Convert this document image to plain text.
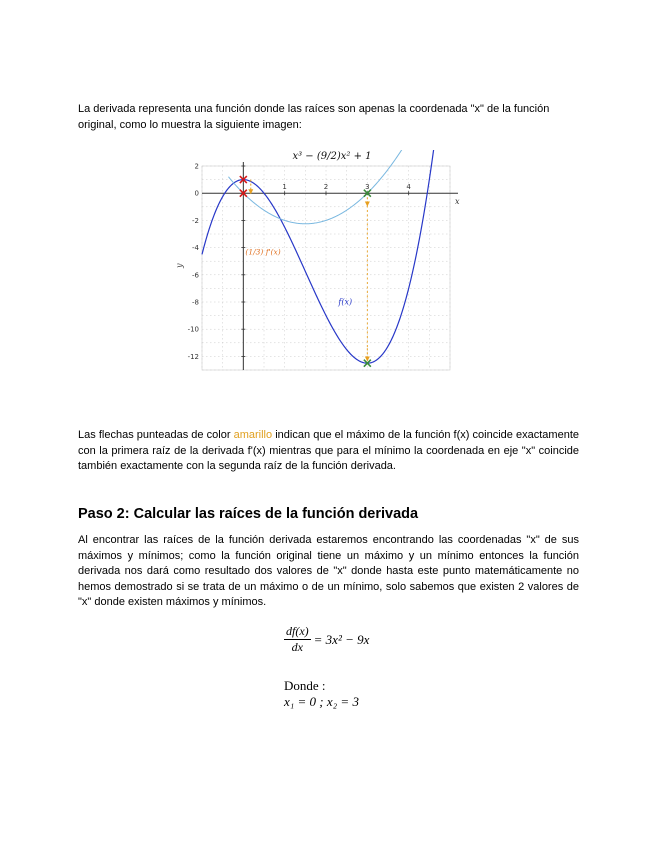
La derivada representa una función donde las raíces son apenas la coordenada "x" de la función original, como lo muestra la siguiente imagen:

1	2	3	4
2
0
-2
-4
-6
-8
-10
-12
x
y
x³ − (9/2)x² + 1
f(x)
(1/3) f'(x)

Las flechas punteadas de color amarillo indican que el máximo de la función f(x) coincide exactamente con la primera raíz de la derivada f'(x) mientras que para el mínimo la coordenada en eje "x" coincide también exactamente con la segunda raíz de la función derivada.

Paso 2: Calcular las raíces de la función derivada

Al encontrar las raíces de la función derivada estaremos encontrando las coordenadas "x" de sus máximos y mínimos; como la función original tiene un máximo y un mínimo entonces la función derivada nos dará como resultado dos valores de "x" donde hasta este punto matemáticamente no hemos demostrado si se trata de un máximo o de un mínimo, solo sabemos que existen 2 valores de "x" donde existen máximos y mínimos.

$\frac{df(x)}{dx} = 3x^2 - 9x$
Donde :
x₁ = 0 ; x₂ = 3
